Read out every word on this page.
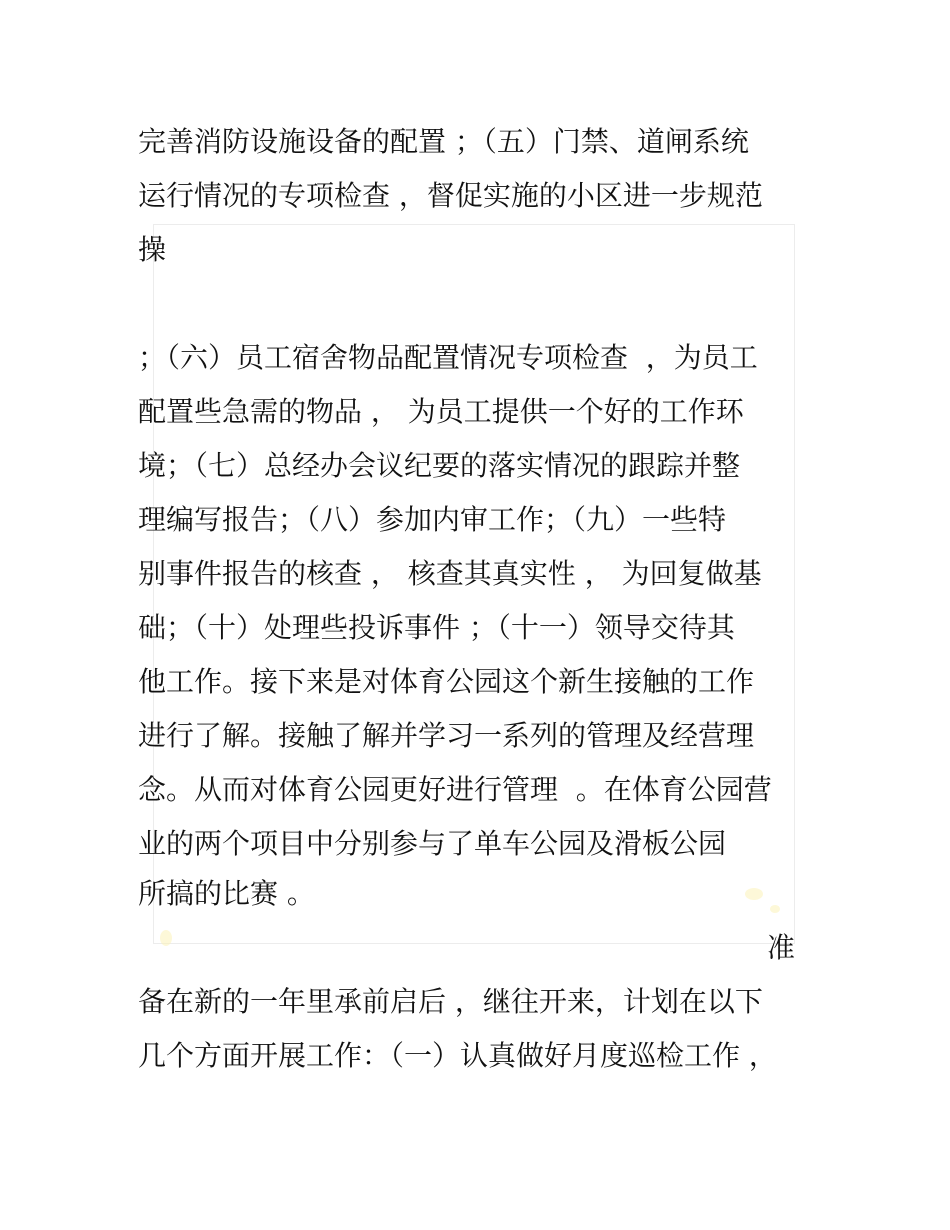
完善消防设施设备的配置 ；（五）门禁、道闸系统
运行情况的专项检查 ，督促实施的小区进一步规范
操
；（六）员工宿舍物品配置情况专项检查  ，为员工
配置些急需的物品 ， 为员工提供一个好的工作环
境；（七）总经办会议纪要的落实情况的跟踪并整
理编写报告；（八）参加内审工作；（九）一些特
别事件报告的核查 ， 核查其真实性 ， 为回复做基
础；（十）处理些投诉事件 ；（十一）领导交待其
他工作。接下来是对体育公园这个新生接触的工作
进行了解。接触了解并学习一系列的管理及经营理
念。从而对体育公园更好进行管理  。在体育公园营
业的两个项目中分别参与了单车公园及滑板公园
所搞的比赛 。
准
备在新的一年里承前启后 ，继往开来，计划在以下
几个方面开展工作：（一）认真做好月度巡检工作 ，
